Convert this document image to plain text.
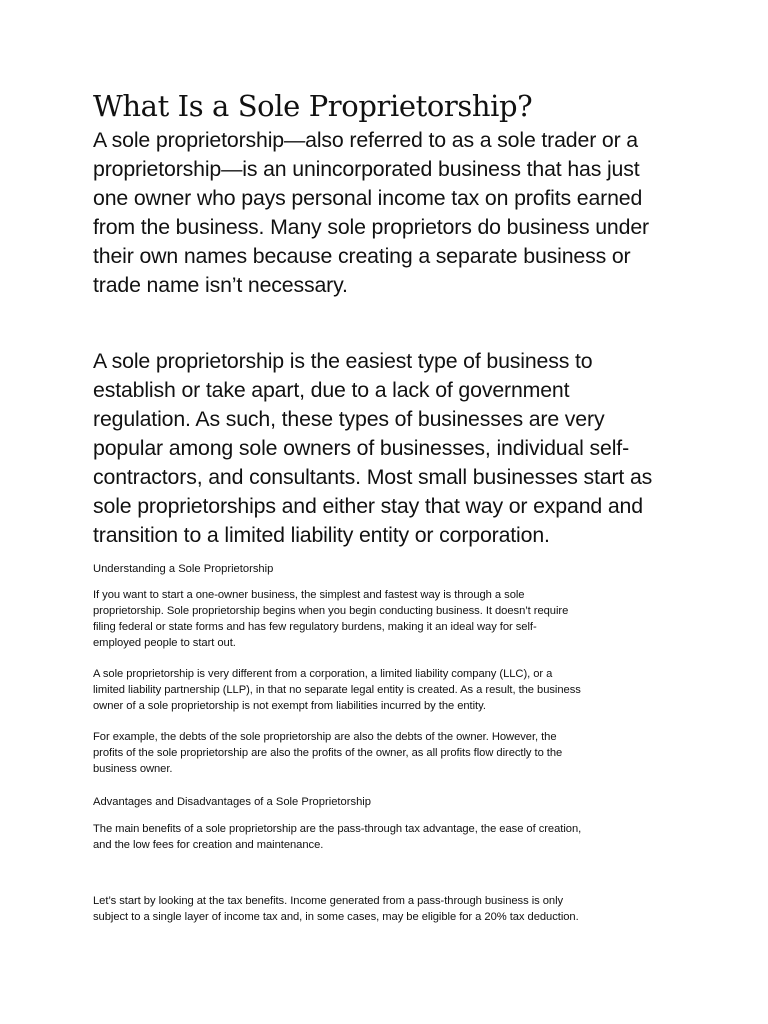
What Is a Sole Proprietorship?
A sole proprietorship—also referred to as a sole trader or a
proprietorship—is an unincorporated business that has just
one owner who pays personal income tax on profits earned
from the business. Many sole proprietors do business under
their own names because creating a separate business or
trade name isn’t necessary.
A sole proprietorship is the easiest type of business to
establish or take apart, due to a lack of government
regulation. As such, these types of businesses are very
popular among sole owners of businesses, individual self-
contractors, and consultants. Most small businesses start as
sole proprietorships and either stay that way or expand and
transition to a limited liability entity or corporation.
Understanding a Sole Proprietorship
If you want to start a one-owner business, the simplest and fastest way is through a sole
proprietorship. Sole proprietorship begins when you begin conducting business. It doesn’t require
filing federal or state forms and has few regulatory burdens, making it an ideal way for self-
employed people to start out.
A sole proprietorship is very different from a corporation, a limited liability company (LLC), or a
limited liability partnership (LLP), in that no separate legal entity is created. As a result, the business
owner of a sole proprietorship is not exempt from liabilities incurred by the entity.
For example, the debts of the sole proprietorship are also the debts of the owner. However, the
profits of the sole proprietorship are also the profits of the owner, as all profits flow directly to the
business owner.
Advantages and Disadvantages of a Sole Proprietorship
The main benefits of a sole proprietorship are the pass-through tax advantage, the ease of creation,
and the low fees for creation and maintenance.
Let’s start by looking at the tax benefits. Income generated from a pass-through business is only
subject to a single layer of income tax and, in some cases, may be eligible for a 20% tax deduction.
